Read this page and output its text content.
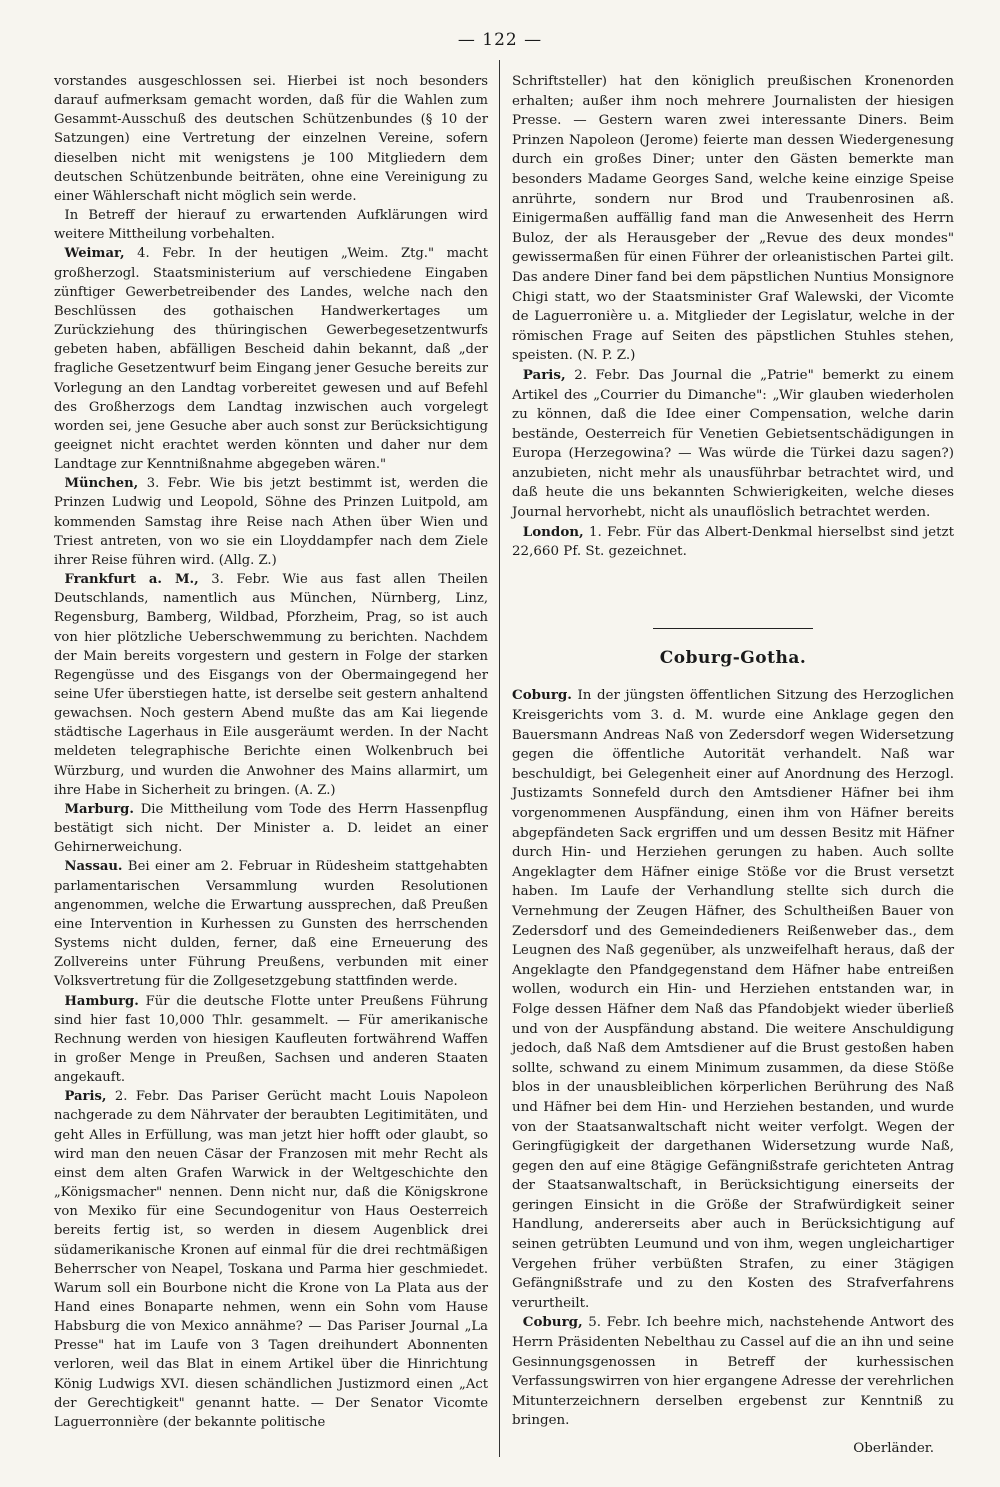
— 122 —

vorstandes ausgeschlossen sei. Hierbei ist noch besonders darauf aufmerksam gemacht worden, daß für die Wahlen zum Gesammt-Ausschuß des deutschen Schützenbundes (§ 10 der Satzungen) eine Vertretung der einzelnen Vereine, sofern dieselben nicht mit wenigstens je 100 Mitgliedern dem deutschen Schützenbunde beiträten, ohne eine Vereinigung zu einer Wählerschaft nicht möglich sein werde.

In Betreff der hierauf zu erwartenden Aufklärungen wird weitere Mittheilung vorbehalten.

Weimar, 4. Febr. In der heutigen „Weim. Ztg." macht großherzogl. Staatsministerium auf verschiedene Eingaben zünftiger Gewerbetreibender des Landes, welche nach den Beschlüssen des gothaischen Handwerkertages um Zurückziehung des thüringischen Gewerbegesetzentwurfs gebeten haben, abfälligen Bescheid dahin bekannt, daß „der fragliche Gesetzentwurf beim Eingang jener Gesuche bereits zur Vorlegung an den Landtag vorbereitet gewesen und auf Befehl des Großherzogs dem Landtag inzwischen auch vorgelegt worden sei, jene Gesuche aber auch sonst zur Berücksichtigung geeignet nicht erachtet werden könnten und daher nur dem Landtage zur Kenntnißnahme abgegeben wären."

München, 3. Febr. Wie bis jetzt bestimmt ist, werden die Prinzen Ludwig und Leopold, Söhne des Prinzen Luitpold, am kommenden Samstag ihre Reise nach Athen über Wien und Triest antreten, von wo sie ein Lloyddampfer nach dem Ziele ihrer Reise führen wird. (Allg. Z.)

Frankfurt a. M., 3. Febr. Wie aus fast allen Theilen Deutschlands, namentlich aus München, Nürnberg, Linz, Regensburg, Bamberg, Wildbad, Pforzheim, Prag, so ist auch von hier plötzliche Ueberschwemmung zu berichten. Nachdem der Main bereits vorgestern und gestern in Folge der starken Regengüsse und des Eisgangs von der Obermaingegend her seine Ufer überstiegen hatte, ist derselbe seit gestern anhaltend gewachsen. Noch gestern Abend mußte das am Kai liegende städtische Lagerhaus in Eile ausgeräumt werden. In der Nacht meldeten telegraphische Berichte einen Wolkenbruch bei Würzburg, und wurden die Anwohner des Mains allarmirt, um ihre Habe in Sicherheit zu bringen. (A. Z.)

Marburg. Die Mittheilung vom Tode des Herrn Hassenpflug bestätigt sich nicht. Der Minister a. D. leidet an einer Gehirnerweichung.

Nassau. Bei einer am 2. Februar in Rüdesheim stattgehabten parlamentarischen Versammlung wurden Resolutionen angenommen, welche die Erwartung aussprechen, daß Preußen eine Intervention in Kurhessen zu Gunsten des herrschenden Systems nicht dulden, ferner, daß eine Erneuerung des Zollvereins unter Führung Preußens, verbunden mit einer Volksvertretung für die Zollgesetzgebung stattfinden werde.

Hamburg. Für die deutsche Flotte unter Preußens Führung sind hier fast 10,000 Thlr. gesammelt. — Für amerikanische Rechnung werden von hiesigen Kaufleuten fortwährend Waffen in großer Menge in Preußen, Sachsen und anderen Staaten angekauft.

Paris, 2. Febr. Das Pariser Gerücht macht Louis Napoleon nachgerade zu dem Nährvater der beraubten Legitimitäten, und geht Alles in Erfüllung, was man jetzt hier hofft oder glaubt, so wird man den neuen Cäsar der Franzosen mit mehr Recht als einst dem alten Grafen Warwick in der Weltgeschichte den „Königsmacher" nennen. Denn nicht nur, daß die Königskrone von Mexiko für eine Secundogenitur von Haus Oesterreich bereits fertig ist, so werden in diesem Augenblick drei südamerikanische Kronen auf einmal für die drei rechtmäßigen Beherrscher von Neapel, Toskana und Parma hier geschmiedet. Warum soll ein Bourbone nicht die Krone von La Plata aus der Hand eines Bonaparte nehmen, wenn ein Sohn vom Hause Habsburg die von Mexico annähme? — Das Pariser Journal „La Presse" hat im Laufe von 3 Tagen dreihundert Abonnenten verloren, weil das Blat in einem Artikel über die Hinrichtung König Ludwigs XVI. diesen schändlichen Justizmord einen „Act der Gerechtigkeit" genannt hatte. — Der Senator Vicomte Laguerronnière (der bekannte politische

Schriftsteller) hat den königlich preußischen Kronenorden erhalten; außer ihm noch mehrere Journalisten der hiesigen Presse. — Gestern waren zwei interessante Diners. Beim Prinzen Napoleon (Jerome) feierte man dessen Wiedergenesung durch ein großes Diner; unter den Gästen bemerkte man besonders Madame Georges Sand, welche keine einzige Speise anrührte, sondern nur Brod und Traubenrosinen aß. Einigermaßen auffällig fand man die Anwesenheit des Herrn Buloz, der als Herausgeber der „Revue des deux mondes" gewissermaßen für einen Führer der orleanistischen Partei gilt. Das andere Diner fand bei dem päpstlichen Nuntius Monsignore Chigi statt, wo der Staatsminister Graf Walewski, der Vicomte de Laguerronière u. a. Mitglieder der Legislatur, welche in der römischen Frage auf Seiten des päpstlichen Stuhles stehen, speisten. (N. P. Z.)

Paris, 2. Febr. Das Journal die „Patrie" bemerkt zu einem Artikel des „Courrier du Dimanche": „Wir glauben wiederholen zu können, daß die Idee einer Compensation, welche darin bestände, Oesterreich für Venetien Gebietsentschädigungen in Europa (Herzegowina? — Was würde die Türkei dazu sagen?) anzubieten, nicht mehr als unausführbar betrachtet wird, und daß heute die uns bekannten Schwierigkeiten, welche dieses Journal hervorhebt, nicht als unauflöslich betrachtet werden.

London, 1. Febr. Für das Albert-Denkmal hierselbst sind jetzt 22,660 Pf. St. gezeichnet.

Coburg-Gotha.

Coburg. In der jüngsten öffentlichen Sitzung des Herzoglichen Kreisgerichts vom 3. d. M. wurde eine Anklage gegen den Bauersmann Andreas Naß von Zedersdorf wegen Widersetzung gegen die öffentliche Autorität verhandelt. Naß war beschuldigt, bei Gelegenheit einer auf Anordnung des Herzogl. Justizamts Sonnefeld durch den Amtsdiener Häfner bei ihm vorgenommenen Auspfändung, einen ihm von Häfner bereits abgepfändeten Sack ergriffen und um dessen Besitz mit Häfner durch Hin- und Herziehen gerungen zu haben. Auch sollte Angeklagter dem Häfner einige Stöße vor die Brust versetzt haben. Im Laufe der Verhandlung stellte sich durch die Vernehmung der Zeugen Häfner, des Schultheißen Bauer von Zedersdorf und des Gemeindedieners Reißenweber das., dem Leugnen des Naß gegenüber, als unzweifelhaft heraus, daß der Angeklagte den Pfandgegenstand dem Häfner habe entreißen wollen, wodurch ein Hin- und Herziehen entstanden war, in Folge dessen Häfner dem Naß das Pfandobjekt wieder überließ und von der Auspfändung abstand. Die weitere Anschuldigung jedoch, daß Naß dem Amtsdiener auf die Brust gestoßen haben sollte, schwand zu einem Minimum zusammen, da diese Stöße blos in der unausbleiblichen körperlichen Berührung des Naß und Häfner bei dem Hin- und Herziehen bestanden, und wurde von der Staatsanwaltschaft nicht weiter verfolgt. Wegen der Geringfügigkeit der dargethanen Widersetzung wurde Naß, gegen den auf eine 8tägige Gefängnißstrafe gerichteten Antrag der Staatsanwaltschaft, in Berücksichtigung einerseits der geringen Einsicht in die Größe der Strafwürdigkeit seiner Handlung, andererseits aber auch in Berücksichtigung auf seinen getrübten Leumund und von ihm, wegen ungleichartiger Vergehen früher verbüßten Strafen, zu einer 3tägigen Gefängnißstrafe und zu den Kosten des Strafverfahrens verurtheilt.

Coburg, 5. Febr. Ich beehre mich, nachstehende Antwort des Herrn Präsidenten Nebelthau zu Cassel auf die an ihn und seine Gesinnungsgenossen in Betreff der kurhessischen Verfassungswirren von hier ergangene Adresse der verehrlichen Mitunterzeichnern derselben ergebenst zur Kenntniß zu bringen.

Oberländer.
